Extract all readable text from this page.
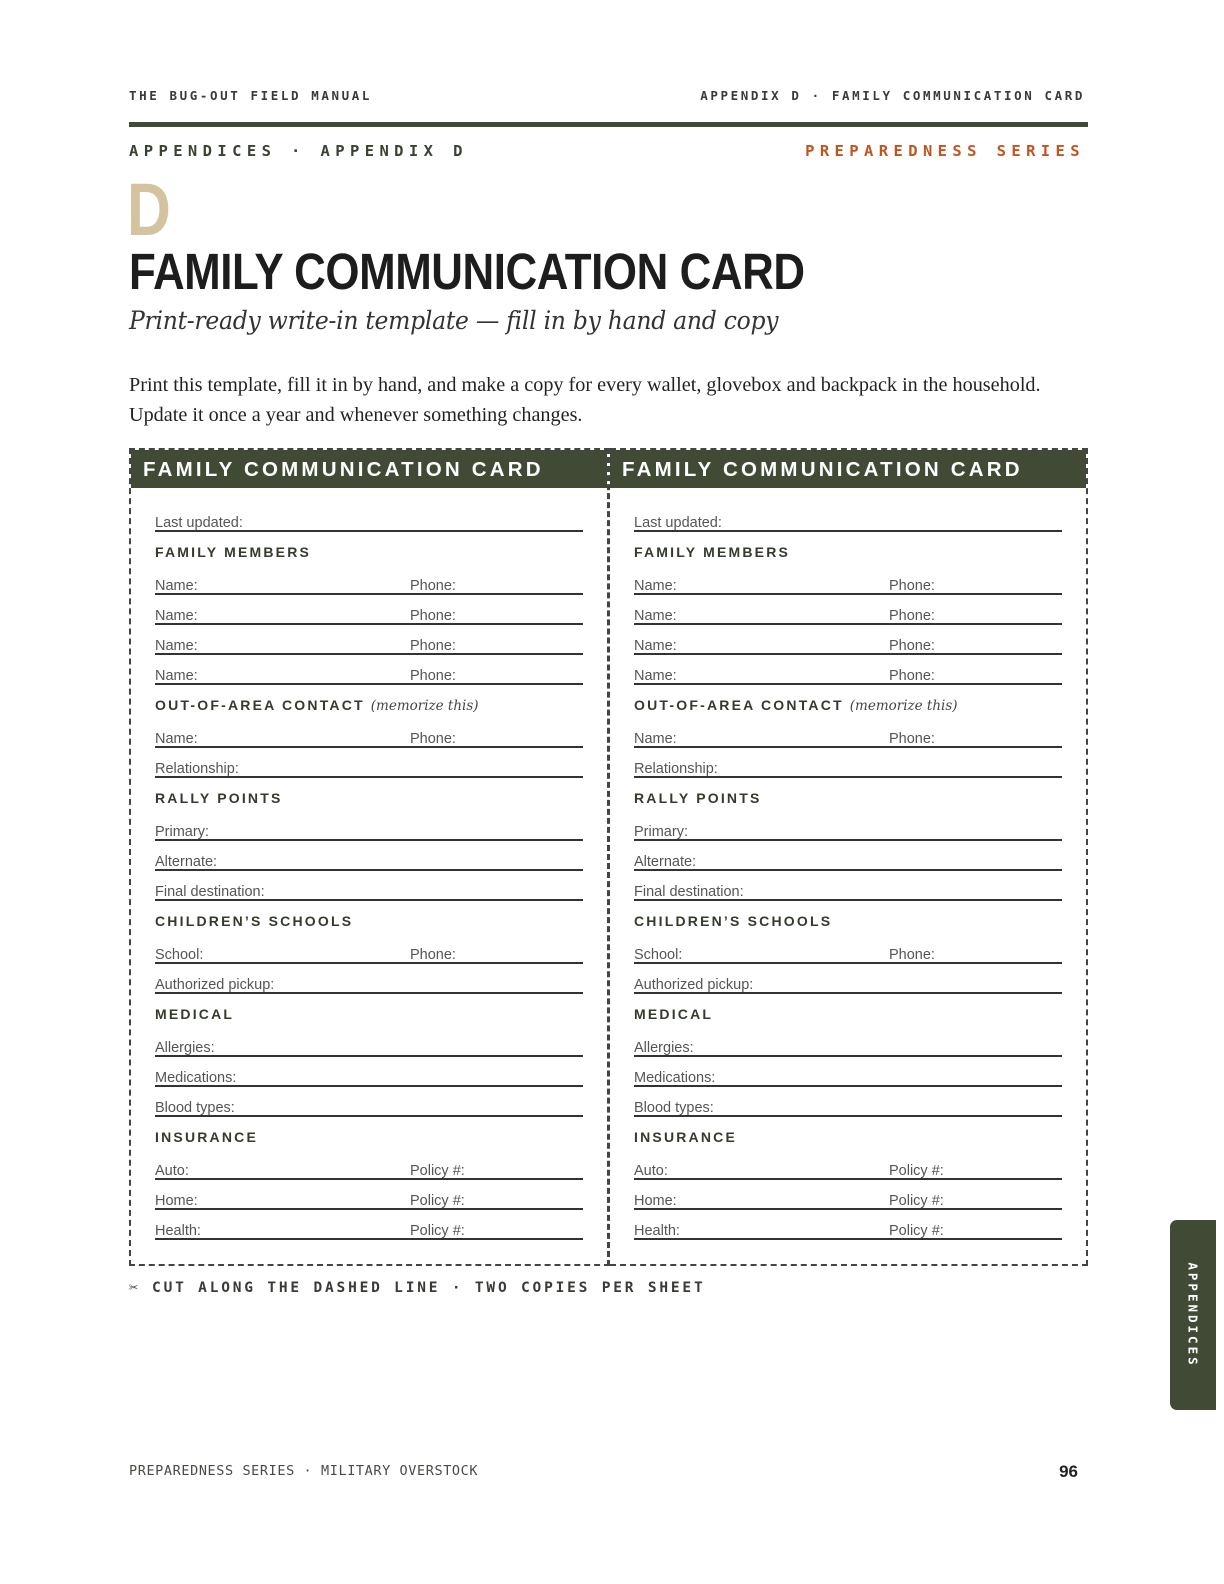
THE BUG-OUT FIELD MANUAL	APPENDIX D · FAMILY COMMUNICATION CARD
APPENDICES · APPENDIX D	PREPAREDNESS SERIES
D
FAMILY COMMUNICATION CARD
Print-ready write-in template — fill in by hand and copy
Print this template, fill it in by hand, and make a copy for every wallet, glovebox and backpack in the household. Update it once a year and whenever something changes.
FAMILY COMMUNICATION CARD
Last updated:
FAMILY MEMBERS
Name:	Phone:
Name:	Phone:
Name:	Phone:
Name:	Phone:
OUT-OF-AREA CONTACT (memorize this)
Name:	Phone:
Relationship:
RALLY POINTS
Primary:
Alternate:
Final destination:
CHILDREN’S SCHOOLS
School:	Phone:
Authorized pickup:
MEDICAL
Allergies:
Medications:
Blood types:
INSURANCE
Auto:	Policy #:
Home:	Policy #:
Health:	Policy #:
FAMILY COMMUNICATION CARD
Last updated:
FAMILY MEMBERS
Name:	Phone:
Name:	Phone:
Name:	Phone:
Name:	Phone:
OUT-OF-AREA CONTACT (memorize this)
Name:	Phone:
Relationship:
RALLY POINTS
Primary:
Alternate:
Final destination:
CHILDREN’S SCHOOLS
School:	Phone:
Authorized pickup:
MEDICAL
Allergies:
Medications:
Blood types:
INSURANCE
Auto:	Policy #:
Home:	Policy #:
Health:	Policy #:
✂ CUT ALONG THE DASHED LINE · TWO COPIES PER SHEET	APPENDICES
PREPAREDNESS SERIES · MILITARY OVERSTOCK	96
